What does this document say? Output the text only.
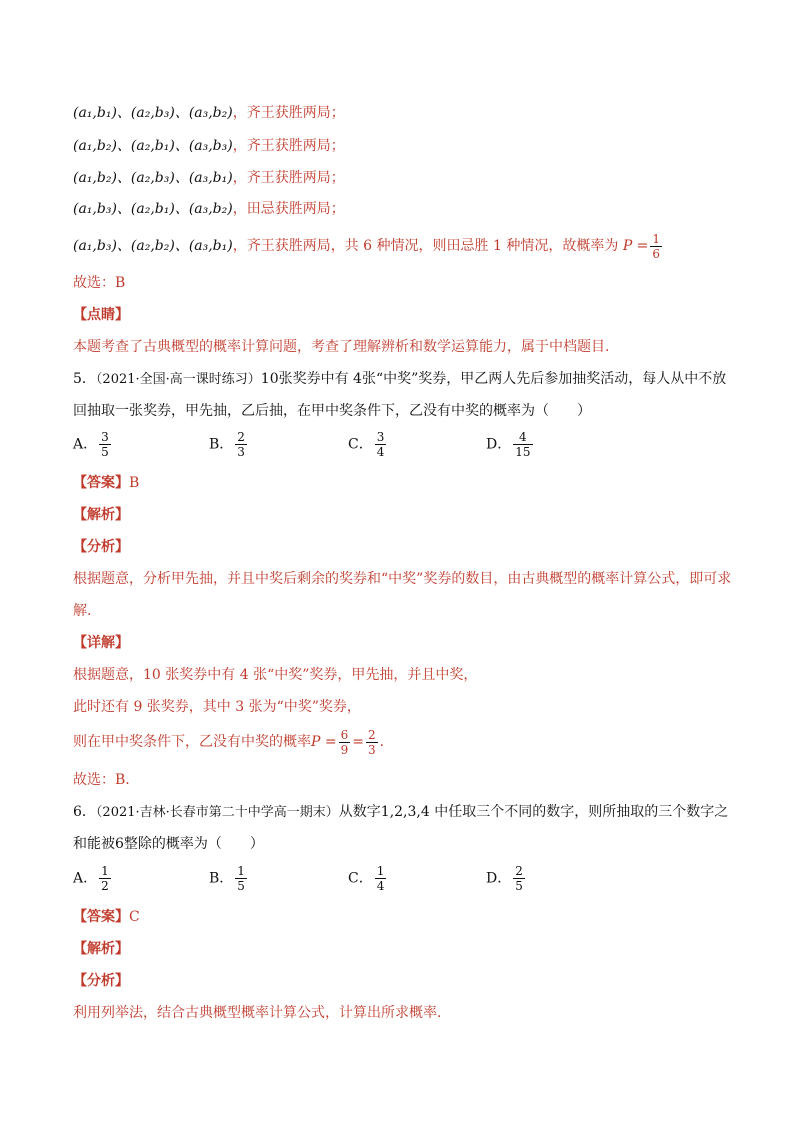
(a₁,b₁)、(a₂,b₃)、(a₃,b₂)，齐王获胜两局；
(a₁,b₂)、(a₂,b₁)、(a₃,b₃)，齐王获胜两局；
(a₁,b₂)、(a₂,b₃)、(a₃,b₁)，齐王获胜两局；
(a₁,b₃)、(a₂,b₁)、(a₃,b₂)，田忌获胜两局；
(a₁,b₃)、(a₂,b₂)、(a₃,b₁)，齐王获胜两局，共 6 种情况，则田忌胜 1 种情况，故概率为 $P = \frac{1}{6}$
故选：B
【点睛】
本题考查了古典概型的概率计算问题，考查了理解辨析和数学运算能力，属于中档题目.
5．（2021·全国·高一课时练习）10张奖券中有 4张“中奖”奖券，甲乙两人先后参加抽奖活动，每人从中不放
回抽取一张奖券，甲先抽，乙后抽，在甲中奖条件下，乙没有中奖的概率为（　　）
A． $\frac{3}{5}$	B． $\frac{2}{3}$	C． $\frac{3}{4}$	D． $\frac{4}{15}$
【答案】B
【解析】
【分析】
根据题意，分析甲先抽，并且中奖后剩余的奖券和“中奖”奖券的数目，由古典概型的概率计算公式，即可求
解.
【详解】
根据题意，10 张奖券中有 4 张“中奖”奖券，甲先抽，并且中奖，
此时还有 9 张奖券，其中 3 张为“中奖”奖券，
则在甲中奖条件下，乙没有中奖的概率$P = \frac{6}{9} = \frac{2}{3}$ .
故选：B.
6．（2021·吉林·长春市第二十中学高一期末）从数字1,2,3,4 中任取三个不同的数字，则所抽取的三个数字之
和能被6整除的概率为（　　）
A． $\frac{1}{2}$	B． $\frac{1}{5}$	C． $\frac{1}{4}$	D． $\frac{2}{5}$
【答案】C
【解析】
【分析】
利用列举法，结合古典概型概率计算公式，计算出所求概率.
